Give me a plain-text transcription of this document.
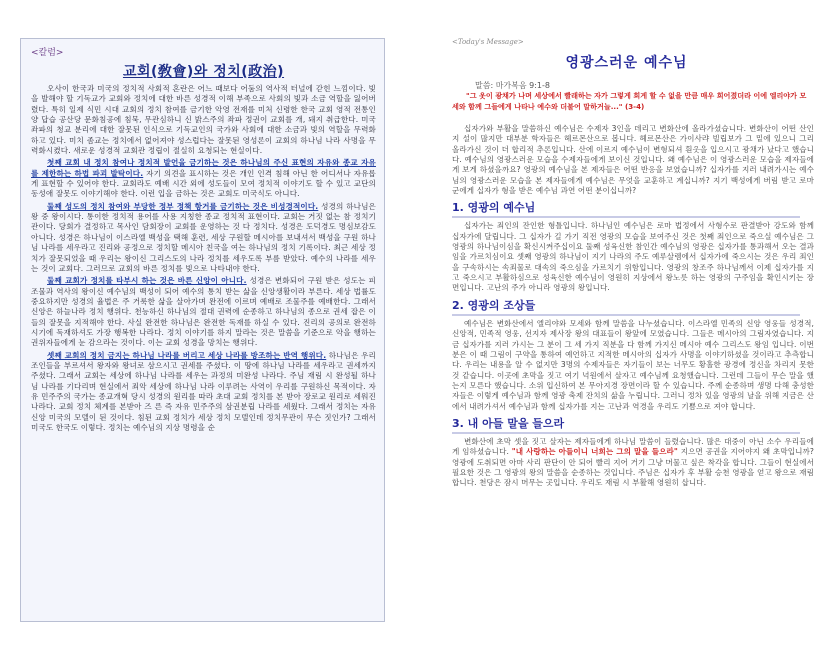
<칼럼>
교회(敎會)와 정치(政治)

오사이 한국과 미국의 정치적 사회적 혼란은 어느 때보다 어둠의 역사적 터널에 갇힌 느낌이다. 빛을 발해야 할 기독교가 교회와 정치에 대한 바른 성경적 이해 부족으로 사회의 빛과 소금 역할을 잃어버렸다. 특히 일제 식민 시대 교회의 정치 참여를 금기한 악영 전재를 미처 신령한 한국 교회 영적 전통인 양 답습 공산당 문화침공에 침묵, 무관심하니 신 밝스주의 좌파 정권이 교회를 개, 돼지 취급한다. 미국 좌파의 청교 분리에 대한 잘못된 인식으로 기독교인의 국가와 사회에 대한 소금과 빛의 역할을 무력화하고 있다. 미치 좀교는 정치에서 없어져야 성스럽다는 잘못된 영성론이 교회의 하나님 나라 사명을 무력화시켰다. 새로운 성경적 교회관 정립이 절실히 요청되는 현실이다.

첫째 교회 내 정치 참여나 정치적 발언을 금기하는 것은 하나님의 주신 표현의 자유와 종교 자유를 제한하는 하법 파괴 발탁이다. 자기 의견을 표시하는 것은 개인 인격 침해 아닌 한 어디서나 자유롭게 표현할 수 있어야 한다. 교회라도 예배 시간 외에 성도들이 모여 정치적 이야기도 할 수 있고 교단의 동성애 잘못도 이야기해야 한다. 이런 입을 금하는 것은 교회도 미국식도 아니다.

둘째 성도의 정치 참여와 부당한 정부 정책 항거를 금기하는 것은 비성경적이다. 성경의 하나님은 왕 중 왕이시다. 통이한 정치적 용어를 사용 지칭한 종교 정치적 표현이다. 교회는 거짓 없는 참 정치기관이다. 당회가 결정하고 목사인 담회장이 교회를 운영하는 것 다 정치다. 성경은 도덕경도 명심보감도 아니다. 성경은 하나님이 이스라엘 백성을 택해 훈련, 세상 구원할 메시아를 보내셔서 백성을 구원 하나님 나라를 세우라고 진리와 공정으로 정치할 메시아 친국을 여는 하나님의 정치 기록이다. 최근 세상 정치가 잘못되었을 때 우리는 왕이신 그리스도의 나라 정치를 세우도록 부름 받았다. 예수의 나라를 세우는 것이 교회다. 그러므로 교회의 바른 정치를 빛으로 나타내야 한다.

둘째 교회가 정치를 타부시 하는 것은 바른 신앙이 아니다. 성경은 변화되어 구원 받은 성도는 피조물과 역사의 왕이신 예수님의 백성이 되어 예수의 통치 받는 삶을 신앙생활이라 부른다. 세상 법률도 중요하지만 성경의 율법은 주 거룩한 삶을 살아가며 완전에 이르며 예배로 조물주를 예배한다. 그래서 신앙은 하늘나라 정치 행위다. 천능하신 하나님의 절대 권력에 순종하고 하나님의 종으로 권세 잡은 이들의 잘못을 지적해야 한다. 사실 완전한 하나님은 완전한 독재를 하실 수 있다. 진리의 공의로 완전하시기에 독재하셔도 가장 행복한 나라다. 정치 이야기를 하지 말라는 것은 말씀을 기준으로 악을 행하는 권위자들에게 눈 감으라는 것이다. 이는 교회 성경을 망치는 행위다.

셋째 교회의 정치 금지는 하나님 나라를 버리고 세상 나라를 방조하는 반역 행위다. 하나님은 우리 조인들을 부르셔서 왕자와 왕녀로 삼으시고 권세를 주셨다. 이 땅에 하나님 나라를 세우라고 권세까지 주셨다. 그래서 교회는 세상에 하나님 나라를 세우는 과정의 미완성 나라다. 주님 재림 시 완성될 하나님 나라를 기다리며 현실에서 죄악 세상에 하나님 나라 이루려는 사역이 우리를 구원하신 목적이다. 자유 민주주의 국가는 종교개혁 당시 성경의 원리를 따라 초대 교회 정치를 본 받아 장로교 원리로 세워진 나라다. 교회 정치 체계를 본받아 즈 른 즉 자유 민주주의 삼권분립 나라를 세웠다. 그래서 정치는 자유 신앙 미국의 모델이 된 것이다. 침된 교회 정치가 세상 정치 모델인데 정치무관이 무슨 짓인가? 그래서 미국도 한국도 이렇다. 정치는 예수님의 지상 명령을 순

<Today's Message>
영광스러운 예수님
말씀: 마가복음 9:1-8
"그 옷이 광채가 나며 세상에서 빨래하는 자가 그렇게 희게 할 수 없을 만큼 매우 희어졌더라 이에 엘리야가 모세와 함께 그들에게 나타나 예수와 더불어 말하거늘..." (3-4)

십자가와 부활을 말씀하신 예수님은 수제자 3인을 데리고 변화산에 올라가셨습니다. 변화산이 어떤 산인지 설이 많지만 대부분 학자들은 헤르몬산으로 봅니다. 헤르몬산은 가이사랴 빌립보가 그 밑에 있으니 그리 올라가신 것이 더 합리적 추론입니다. 산에 이르지 예수님이 변형되셔 흰옷을 입으시고 광채가 났다고 했습니다. 예수님의 영광스러운 모습을 수제자들에게 보이신 것입니다. 왜 예수님은 이 영광스러운 모습을 제자들에게 보게 하셨을까요? 영광의 예수님을 본 제자들은 어떤 반응을 보였습니까? 십자가를 지러 내려가시는 예수님의 영광스러운 모습을 본 제자들에게 예수님은 무엇을 교훈하고 계십니까? 지기 백성에게 버림 받고 로마 군에게 십자가 형을 받은 예수님 과연 어떤 분이십니까?

1. 영광의 예수님

십자가는 죄인의 잔인한 형틀입니다. 하나님인 예수님은 로마 법정에서 사형수로 판결받아 강도와 함께 십자가에 달립니다. 그 십자가 길 가기 직전 영광의 모습을 보여주신 것은 첫째 죄인으로 죽으실 예수님은 그 영광의 하나님이심을 확신시켜주십이요 둘째 성육신한 참인간 예수님의 영광은 십자가를 통과해서 오는 결과임을 가르치심이요 셋째 영광의 하나님이 지기 나라의 주도 예루살렘에서 십자가에 죽으시는 것은 우리 죄인을 구속하시는 속죄물로 대속의 죽으심을 가르치기 위함입니다. 영광의 창조주 하나님께서 이제 십자가를 지고 죽으시고 부활하심으로 성육신한 예수님이 영원히 지상에서 왕노릇 하는 영광의 구주임을 확인시키는 장면입니다. 고난의 주가 아니라 영광의 왕입니다.

2. 영광의 조상들

예수님은 변화산에서 엘리야와 모세와 함께 말씀을 나누셨습니다. 이스라엘 민족의 신앙 영웅들 성경적, 신앙적, 민족적 영웅, 선지자 제사장 왕의 대표들이 왕앞에 모였습니다. 그들은 메시아의 그림자였습니다. 지금 십자가를 지러 가시는 그 분이 그 세 가지 직분을 다 함께 가지신 메시아 예수 그리스도 왕임 입니다. 이번 분은 이 때 그림이 구약을 통하여 예언하고 지적한 메시아의 십자가 사명을 이야기하셨을 것이라고 추측합니다. 우리는 내용을 알 수 없지만 3명의 수제자들은 자기들이 보는 너무도 황홀한 광경에 정신을 차리지 못한 것 같습니다. 이곳에 초막을 짓고 여기 넉원에서 살자고 예수님께 요청했습니다. 그런데 그들이 무슨 말을 했는지 모른다 했습니다. 소위 입신하여 본 무아지경 장면이라 할 수 있습니다. 주께 순종하며 생명 다해 충성한 자들은 이렇게 예수님과 함께 영광 축제 잔치의 삶을 누립니다. 그러니 정차 있을 영광의 날을 위해 지금은 산에서 내려가셔서 예수님과 함께 십자가를 지는 고난과 역경을 우리도 기쁨으로 져야 합니다.

3. 내 아들 말을 들으라

변화산에 초막 셋을 짓고 살자는 제자들에게 하나님 말씀이 들렸습니다. 많은 대중이 아닌 소수 우리들에게 임하셨습니다. "내 사랑하는 아들이니 너희는 그의 말을 들으라" 지으면 공권을 지어야지 왜 초막입니까? 영광에 도취되면 아마 사리 판단이 안 되어 빨리 지어 거기 그냥 머물고 싶은 착각을 합니다. 그들이 현실에서 필요한 것은 그 영광의 왕의 말씀을 순종하는 것입니다. 주님은 십자가 후 부활 승천 영광을 얻고 왕으로 재림합니다. 천당은 잠시 머무는 곳입니다. 우리도 재림 시 부활해 영원히 삽니다.
